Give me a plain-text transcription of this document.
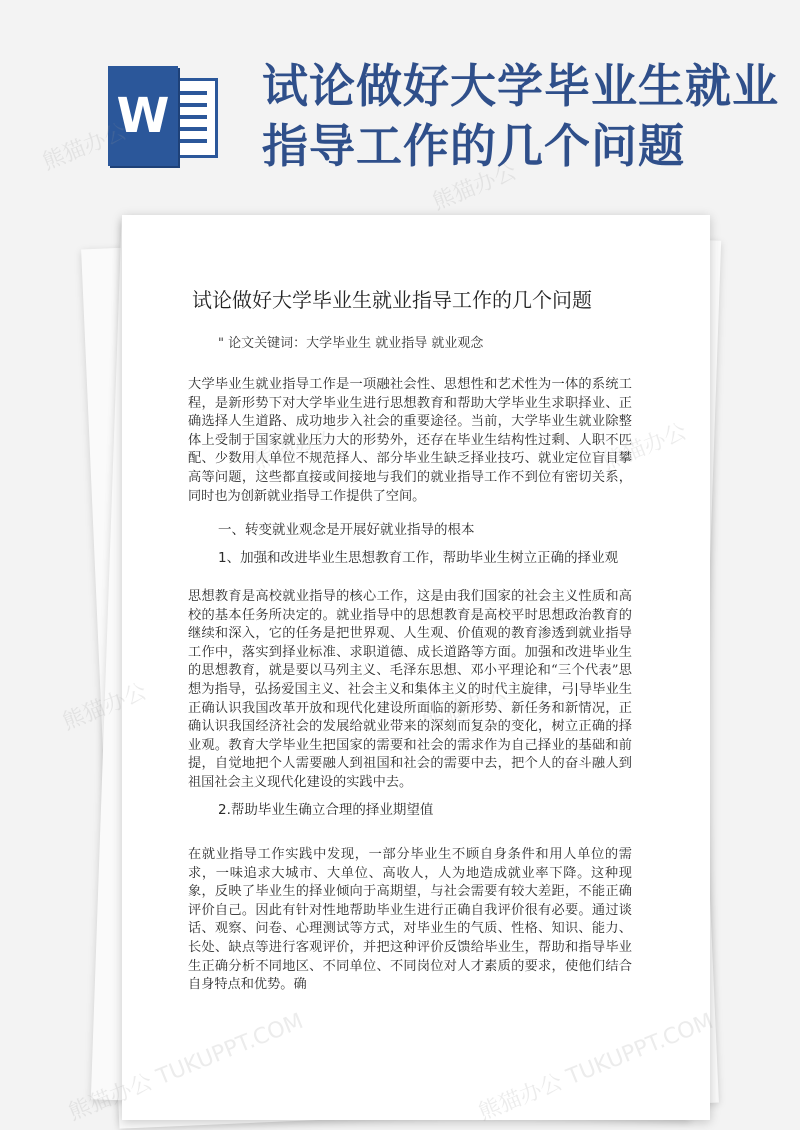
W
试论做好大学毕业生就业指导工作的几个问题
试论做好大学毕业生就业指导工作的几个问题
" 论文关键词：大学毕业生 就业指导 就业观念

大学毕业生就业指导工作是一项融社会性、思想性和艺术性为一体的系统工程，是新形势下对大学毕业生进行思想教育和帮助大学毕业生求职择业、正确选择人生道路、成功地步入社会的重要途径。当前，大学毕业生就业除整体上受制于国家就业压力大的形势外，还存在毕业生结构性过剩、人职不匹配、少数用人单位不规范择人、部分毕业生缺乏择业技巧、就业定位盲目攀高等问题，这些都直接或间接地与我们的就业指导工作不到位有密切关系，同时也为创新就业指导工作提供了空间。

一、转变就业观念是开展好就业指导的根本
1、加强和改进毕业生思想教育工作，帮助毕业生树立正确的择业观

思想教育是高校就业指导的核心工作，这是由我们国家的社会主义性质和高校的基本任务所决定的。就业指导中的思想教育是高校平时思想政治教育的继续和深入，它的任务是把世界观、人生观、价值观的教育渗透到就业指导工作中，落实到择业标准、求职道德、成长道路等方面。加强和改进毕业生的思想教育，就是要以马列主义、毛泽东思想、邓小平理论和“三个代表”思想为指导，弘扬爱国主义、社会主义和集体主义的时代主旋律，弓|导毕业生正确认识我国改革开放和现代化建设所面临的新形势、新任务和新情况，正确认识我国经济社会的发展给就业带来的深刻而复杂的变化，树立正确的择业观。教育大学毕业生把国家的需要和社会的需求作为自己择业的基础和前提，自觉地把个人需要融人到祖国和社会的需要中去，把个人的奋斗融人到祖国社会主义现代化建设的实践中去。

2.帮助毕业生确立合理的择业期望值

在就业指导工作实践中发现，一部分毕业生不顾自身条件和用人单位的需求，一味追求大城市、大单位、高收人，人为地造成就业率下降。这种现象，反映了毕业生的择业倾向于高期望，与社会需要有较大差距，不能正确评价自己。因此有针对性地帮助毕业生进行正确自我评价很有必要。通过谈话、观察、问卷、心理测试等方式，对毕业生的气质、性格、知识、能力、长处、缺点等进行客观评价，并把这种评价反馈给毕业生，帮助和指导毕业生正确分析不同地区、不同单位、不同岗位对人才素质的要求，使他们结合自身特点和优势。确

熊猫办公
熊猫办公
